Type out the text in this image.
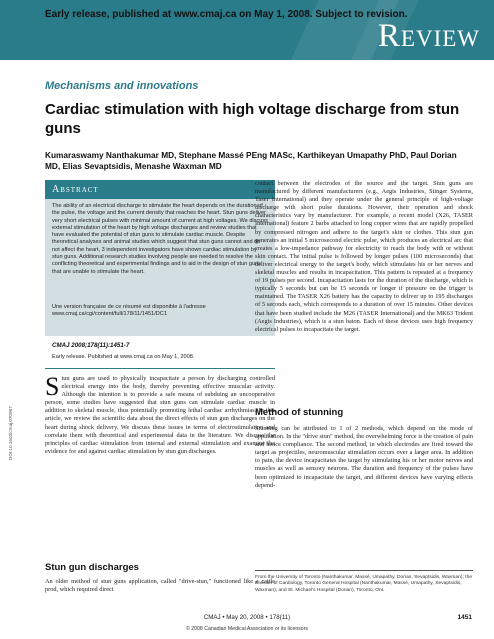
Review
Early release, published at www.cmaj.ca on May 1, 2008. Subject to revision.
Mechanisms and innovations
Cardiac stimulation with high voltage discharge from stun guns
Kumaraswamy Nanthakumar MD, Stephane Massé PEng MASc, Karthikeyan Umapathy PhD, Paul Dorian MD, Elias Sevaptsidis, Menashe Waxman MD
Abstract
The ability of an electrical discharge to stimulate the heart depends on the duration of the pulse, the voltage and the current density that reaches the heart. Stun guns deliver very short electrical pulses with minimal amount of current at high voltages. We discuss external stimulation of the heart by high voltage discharges and review studies that have evaluated the potential of stun guns to stimulate cardiac muscle. Despite theoretical analyses and animal studies which suggest that stun guns cannot and do not affect the heart, 3 independent investigators have shown cardiac stimulation by stun guns. Additional research studies involving people are needed to resolve the conflicting theoretical and experimental findings and to aid in the design of stun guns that are unable to stimulate the heart.
Une version française de ce résumé est disponible à l'adresse www.cmaj.ca/cgi/content/full/178/11/1451/DC1
CMAJ 2008;178(11):1451-7
Early release. Published at www.cmaj.ca on May 1, 2008.
Stun guns are used to physically incapacitate a person by discharging controlled electrical energy into the body, thereby preventing effective muscular activity. Although the intention is to provide a safe means of subduing an uncooperative person, some studies have suggested that stun guns can stimulate cardiac muscle in addition to skeletal muscle, thus potentially promoting lethal cardiac arrhythmias. In this article, we review the scientific data about the direct effects of stun gun discharges on the heart during shock delivery. We discuss these issues in terms of electrostimulation and correlate them with theoretical and experimental data in the literature. We discuss the principles of cardiac stimulation from internal and external stimulation and examine the evidence for and against cardiac stimulation by stun gun discharges.
Stun gun discharges
An older method of stun guns application, called "drive-stun," functioned like a cattle prod, which required direct
contact between the electrodes of the source and the target. Stun guns are manufactured by different manufacturers (e.g., Aegis Industries, Stinger Systems, Taser International) and they operate under the general principle of high-voltage discharge with short pulse durations. However, their operation and shock characteristics vary by manufacturer. For example, a recent model (X26, TASER International) feature 2 barbs attached to long copper wires that are rapidly propelled by compressed nitrogen and adhere to the target's skin or clothes. This stun gun generates an initial 5 microsecond electric pulse, which produces an electrical arc that creates a low-impedance pathway for electricity to reach the body with or without skin contact. The initial pulse is followed by longer pulses (100 microseconds) that deliver electrical energy to the target's body, which stimulates his or her nerves and skeletal muscles and results in incapacitation. This pattern is repeated at a frequency of 19 pulses per second. Incapacitation lasts for the duration of the discharge, which is typically 5 seconds but can be 15 seconds or longer if pressure on the trigger is maintained. The TASER X26 battery has the capacity to deliver up to 195 discharges of 5 seconds each, which corresponds to a duration of over 15 minutes. Other devices that have been studied include the M26 (TASER International) and the MK63 Trident (Aegis Industries), which is a stun baton. Each of these devices uses high frequency electrical pulses to incapacitate the target.
Method of stunning
Stunning can be attributed to 1 of 2 methods, which depend on the mode of application. In the "drive stun" method, the overwhelming force is the creation of pain and hence compliance. The second method, in which electrodes are fired toward the target as projectiles, neuromuscular stimulation occurs over a larger area. In addition to pain, the device incapacitates the target by stimulating his or her motor nerves and muscles as well as sensory neurons. The duration and frequency of the pulses have been optimized to incapacitate the target, and different devices have varying effects depend-
From the University of Toronto (Nanthakumar, Massé, Umapathy, Dorian, Sevaptsidis, Waxman); the Division of Cardiology, Toronto General Hospital (Nanthakumar, Massé, Umapathy, Sevaptsidis, Waxman); and St. Michael's Hospital (Dorian), Toronto, Ont.
DOI:10.1503/cmaj.070987
CMAJ • May 20, 2008 • 178(11)	1451
© 2008 Canadian Medical Association or its licensors
